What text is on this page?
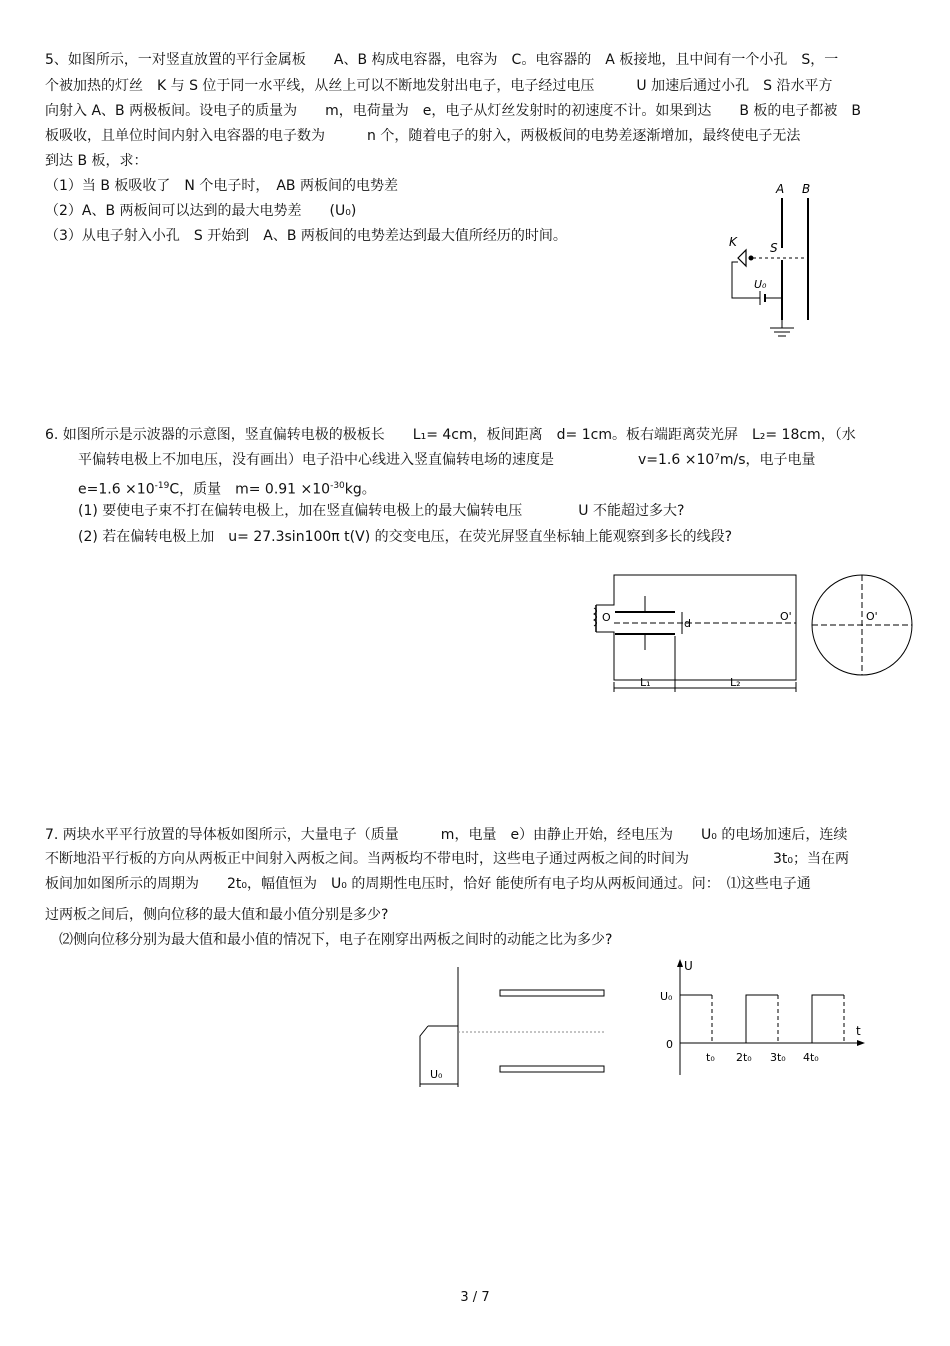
5、如图所示，一对竖直放置的平行金属板　　A、B 构成电容器，电容为　C。电容器的　A 板接地，且中间有一个小孔　S，一
个被加热的灯丝　K 与 S 位于同一水平线，从丝上可以不断地发射出电子，电子经过电压　　　U 加速后通过小孔　S 沿水平方
向射入 A、B 两极板间。设电子的质量为　　m，电荷量为　e，电子从灯丝发射时的初速度不计。如果到达　　B 板的电子都被　B
板吸收，且单位时间内射入电容器的电子数为　　　n 个，随着电子的射入，两极板间的电势差逐渐增加，最终使电子无法
到达 B 板，求：
（1）当 B 板吸收了　N 个电子时，　AB 两板间的电势差
（2）A、B 两板间可以达到的最大电势差　　(U₀)
（3）从电子射入小孔　S 开始到　A、B 两板间的电势差达到最大值所经历的时间。
A B
K	S
U₀
6. 如图所示是示波器的示意图，竖直偏转电极的极板长　　L₁= 4cm，板间距离　d= 1cm。板右端距离荧光屏　L₂= 18cm，（水
平偏转电极上不加电压，没有画出）电子沿中心线进入竖直偏转电场的速度是　　　　　　v=1.6 ×10⁷m/s，电子电量
$e=1.6 \times 10^{-19}C$，质量　$m= 0.91 \times 10^{-30}kg$。
(1) 要使电子束不打在偏转电极上，加在竖直偏转电极上的最大偏转电压　　　　U 不能超过多大?
(2) 若在偏转电极上加　u= 27.3sin100π t(V) 的交变电压，在荧光屏竖直坐标轴上能观察到多长的线段?
d
O	O'
L₁	L₂
O'
7. 两块水平平行放置的导体板如图所示，大量电子（质量　　　m，电量　e）由静止开始，经电压为　　U₀ 的电场加速后，连续
不断地沿平行板的方向从两板正中间射入两板之间。当两板均不带电时，这些电子通过两板之间的时间为　　　　　　3t₀；当在两
板间加如图所示的周期为　　2t₀，幅值恒为　U₀ 的周期性电压时，恰好 能使所有电子均从两板间通过。问：　⑴这些电子通
过两板之间后，侧向位移的最大值和最小值分别是多少?
　⑵侧向位移分别为最大值和最小值的情况下，电子在刚穿出两板之间时的动能之比为多少?
U₀
U
U₀
0
t
t₀ 2t₀ 3t₀ 4t₀
3 / 7
